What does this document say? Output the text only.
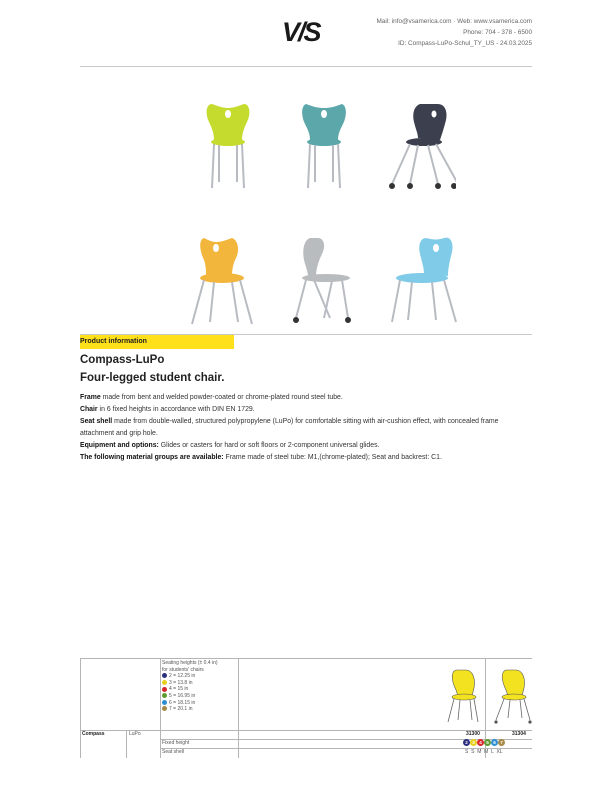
V/S	Mail: info@vsamerica.com · Web: www.vsamerica.com
Phone: 704 - 378 - 6500
ID: Compass-LuPo-Schul_TY_US - 24.03.2025
Product information
Compass-LuPo
Four-legged student chair.

Frame made from bent and welded powder-coated or chrome-plated round steel tube.

Chair in 6 fixed heights in accordance with DIN EN 1729.

Seat shell made from double-walled, structured polypropylene (LuPo) for comfortable sitting with air-cushion effect, with concealed frame attachment and grip hole.

Equipment and options: Glides or casters for hard or soft floors or 2-component universal glides.

The following material groups are available: Frame made of steel tube: M1,(chrome-plated); Seat and backrest: C1.

Seating heights (± 0.4 in)
for students' chairs
2 = 12.25 in
3 = 13.8 in
4 = 15 in
5 = 16.95 in
6 = 18.15 in
7 = 20.1 in
Compass	LuPo	31300	31304
Fixed height	2 3 4 5 6 7
Seat shell	S  S  M  M  L  XL
